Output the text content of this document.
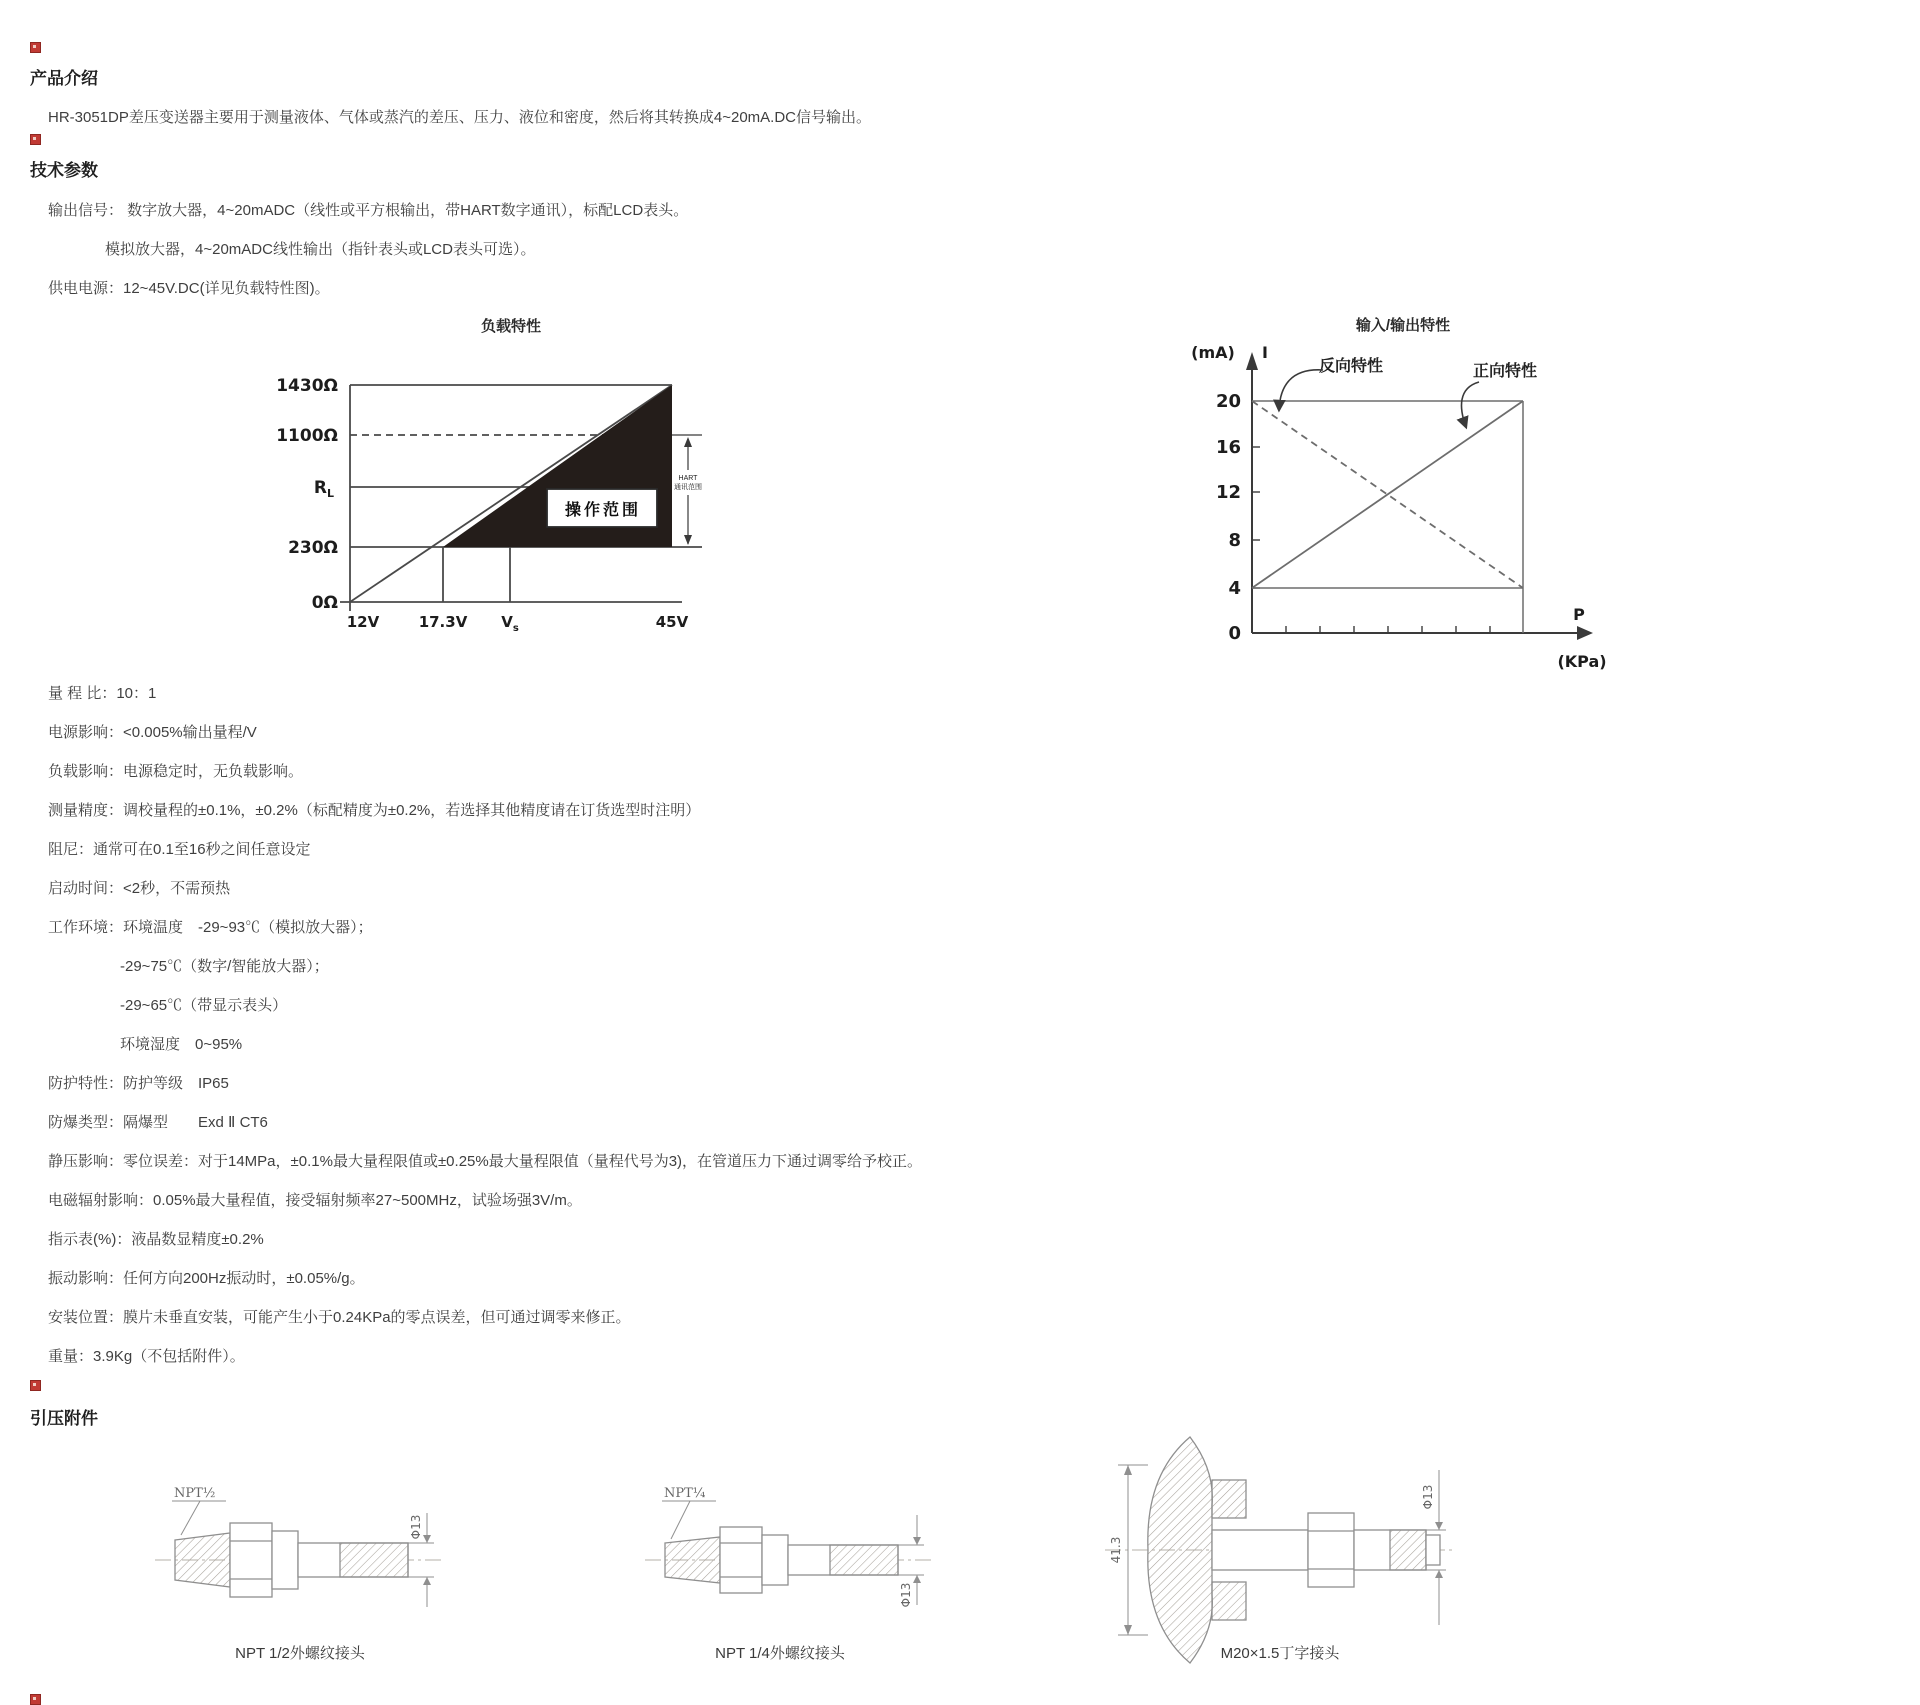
产品介绍
HR-3051DP差压变送器主要用于测量液体、气体或蒸汽的差压、压力、液位和密度，然后将其转换成4~20mA.DC信号输出。
技术参数
输出信号： 数字放大器，4~20mADC（线性或平方根输出，带HART数字通讯），标配LCD表头。
模拟放大器，4~20mADC线性输出（指针表头或LCD表头可选）。
供电电源：12~45V.DC(详见负载特性图)。
负载特性
操作范围
HART
通讯范围
1430Ω
1100Ω
$R_L$
230Ω
0Ω
12V	17.3V $V_s$	45V
输入/输出特性
(mA) I
反向特性	正向特性
20
16
12
8
4
0
P
(KPa)
量 程 比：10：1
电源影响：<0.005%输出量程/V
负载影响：电源稳定时，无负载影响。
测量精度：调校量程的±0.1%，±0.2%（标配精度为±0.2%，若选择其他精度请在订货选型时注明）
阻尼：通常可在0.1至16秒之间任意设定
启动时间：<2秒，不需预热
工作环境：环境温度　-29~93℃（模拟放大器）；
-29~75℃（数字/智能放大器）；
-29~65℃（带显示表头）
环境湿度　0~95%
防护特性：防护等级　IP65
防爆类型：隔爆型　　Exd Ⅱ CT6
静压影响：零位误差：对于14MPa，±0.1%最大量程限值或±0.25%最大量程限值（量程代号为3)，在管道压力下通过调零给予校正。
电磁辐射影响：0.05%最大量程值，接受辐射频率27~500MHz，试验场强3V/m。
指示表(%)：液晶数显精度±0.2%
振动影响：任何方向200Hz振动时，±0.05%/g。
安装位置：膜片未垂直安装，可能产生小于0.24KPa的零点误差，但可通过调零来修正。
重量：3.9Kg（不包括附件）。
引压附件
NPT½
Φ13
NPT¼
Φ13
41.3
Φ13
NPT 1/2外螺纹接头	NPT 1/4外螺纹接头	M20×1.5丁字接头
